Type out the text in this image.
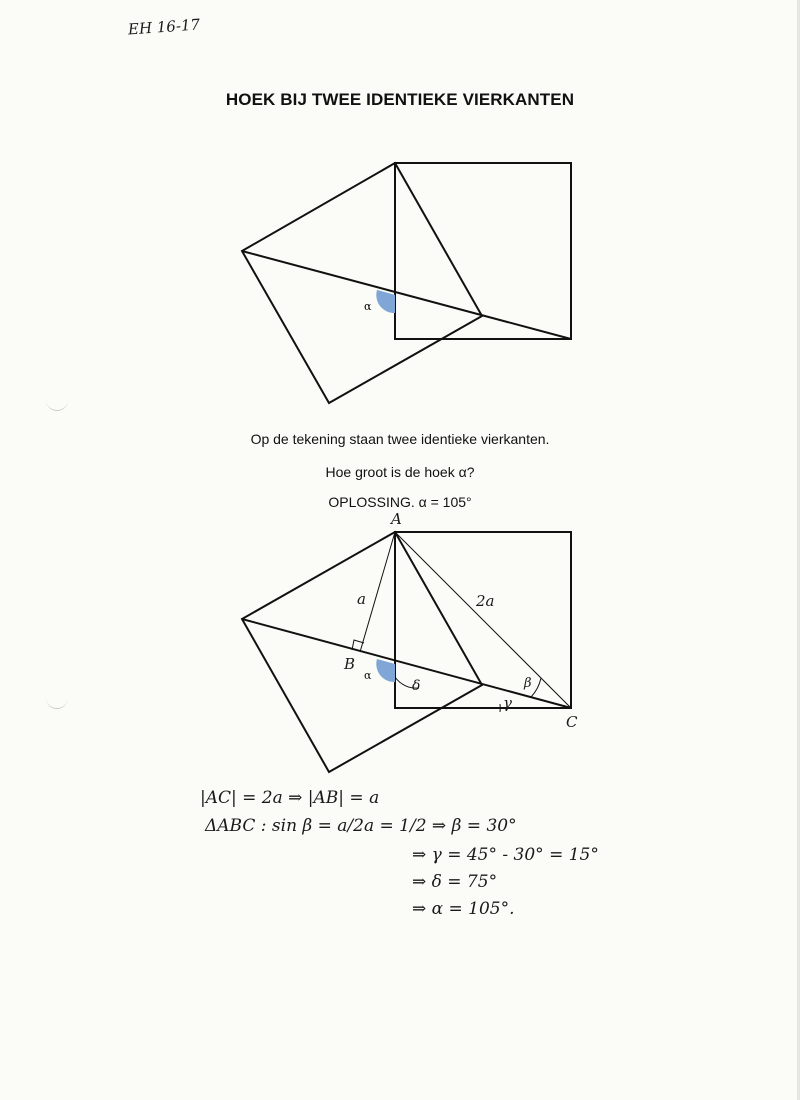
EH 16-17
HOEK BIJ TWEE IDENTIEKE VIERKANTEN
α
Op de tekening staan twee identieke vierkanten.
Hoe groot is de hoek α?
OPLOSSING. α = 105°
A
B
C
a	2a
β
γ
δ
α
|AC| = 2a ⇒ |AB| = a
ΔABC : sin β = a/2a = 1/2 ⇒ β = 30°
⇒ γ = 45° - 30° = 15°
⇒ δ = 75°
⇒ α = 105°.
